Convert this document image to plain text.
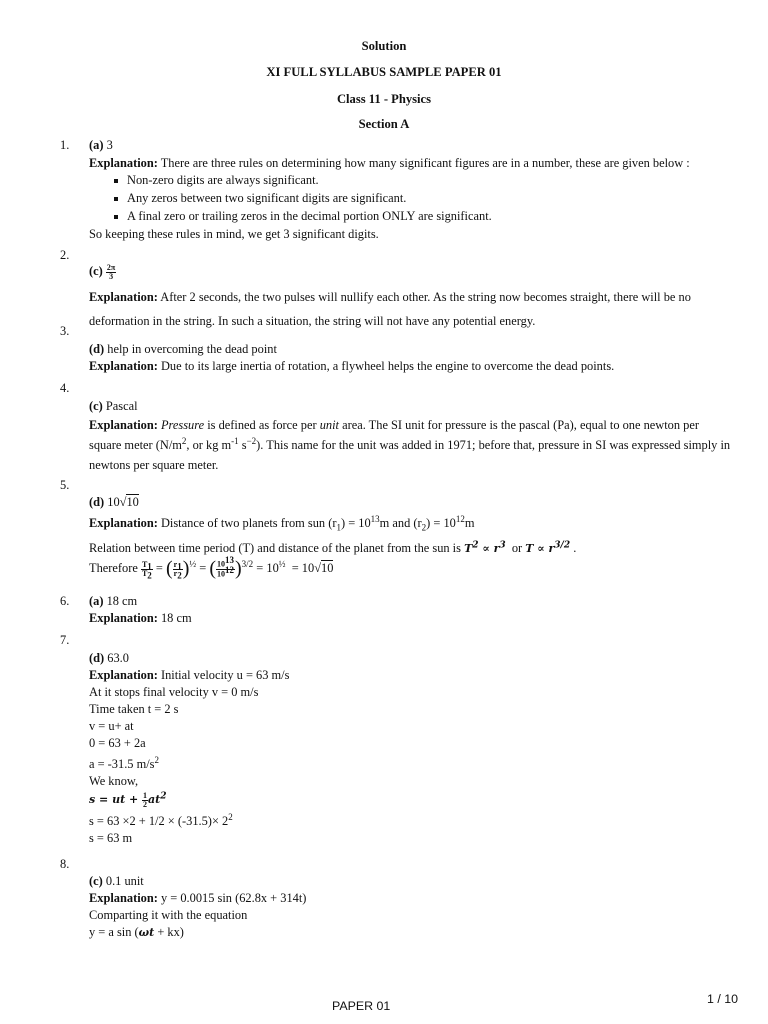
Solution
XI FULL SYLLABUS SAMPLE PAPER 01
Class 11 - Physics
Section A
1. (a) 3
Explanation: There are three rules on determining how many significant figures are in a number, these are given below :
Non-zero digits are always significant.
Any zeros between two significant digits are significant.
A final zero or trailing zeros in the decimal portion ONLY are significant.
So keeping these rules in mind, we get 3 significant digits.
2.
$(c) \frac{2\pi}{3}$
Explanation: After 2 seconds, the two pulses will nullify each other. As the string now becomes straight, there will be no deformation in the string. In such a situation, the string will not have any potential energy.
3.
(d) help in overcoming the dead point
Explanation: Due to its large inertia of rotation, a flywheel helps the engine to overcome the dead points.
4.
(c) Pascal
Explanation: Pressure is defined as force per unit area. The SI unit for pressure is the pascal (Pa), equal to one newton per square meter ($N/m^2$, or kg $m^{-1}$ $s^{-2}$). This name for the unit was added in 1971; before that, pressure in SI was expressed simply in newtons per square meter.
5.
(d) 10√10
Explanation: Distance of two planets from sun $(r_1) = 10^{13}m$ and $(r_2) = 10^{12}m$
Relation between time period (T) and distance of the planet from the sun is $T^2 \propto r^3$  or $T \propto r^{3/2}$ .
Therefore $\frac{T_1}{T_2}$ = ( $\frac{r_1}{r_2} )^{\frac{1}{2}}$ = ( $\frac{10^{13}}{10^{12}} )^{3/2} = 10^{\frac{1}{2}} = 10√10$
6. (a) 18 cm
Explanation: 18 cm
7.
(d) 63.0
Explanation: Initial velocity u = 63 m/s
At it stops final velocity v = 0 m/s
Time taken t = 2 s
v = u+ at
0 = 63 + 2a
a = -31.5 $m/s^2$
We know,
s = ut + $\frac{1}{2} at^2$
$s = 63 \times 2 + 1/2 \times (-31.5)\times 2^2$
s = 63 m
8.
(c) 0.1 unit
Explanation: y = 0.0015 sin (62.8x + 314t)
Comparting it with the equation
y = a sin (ωt + kx)
PAPER 01	1 / 10
